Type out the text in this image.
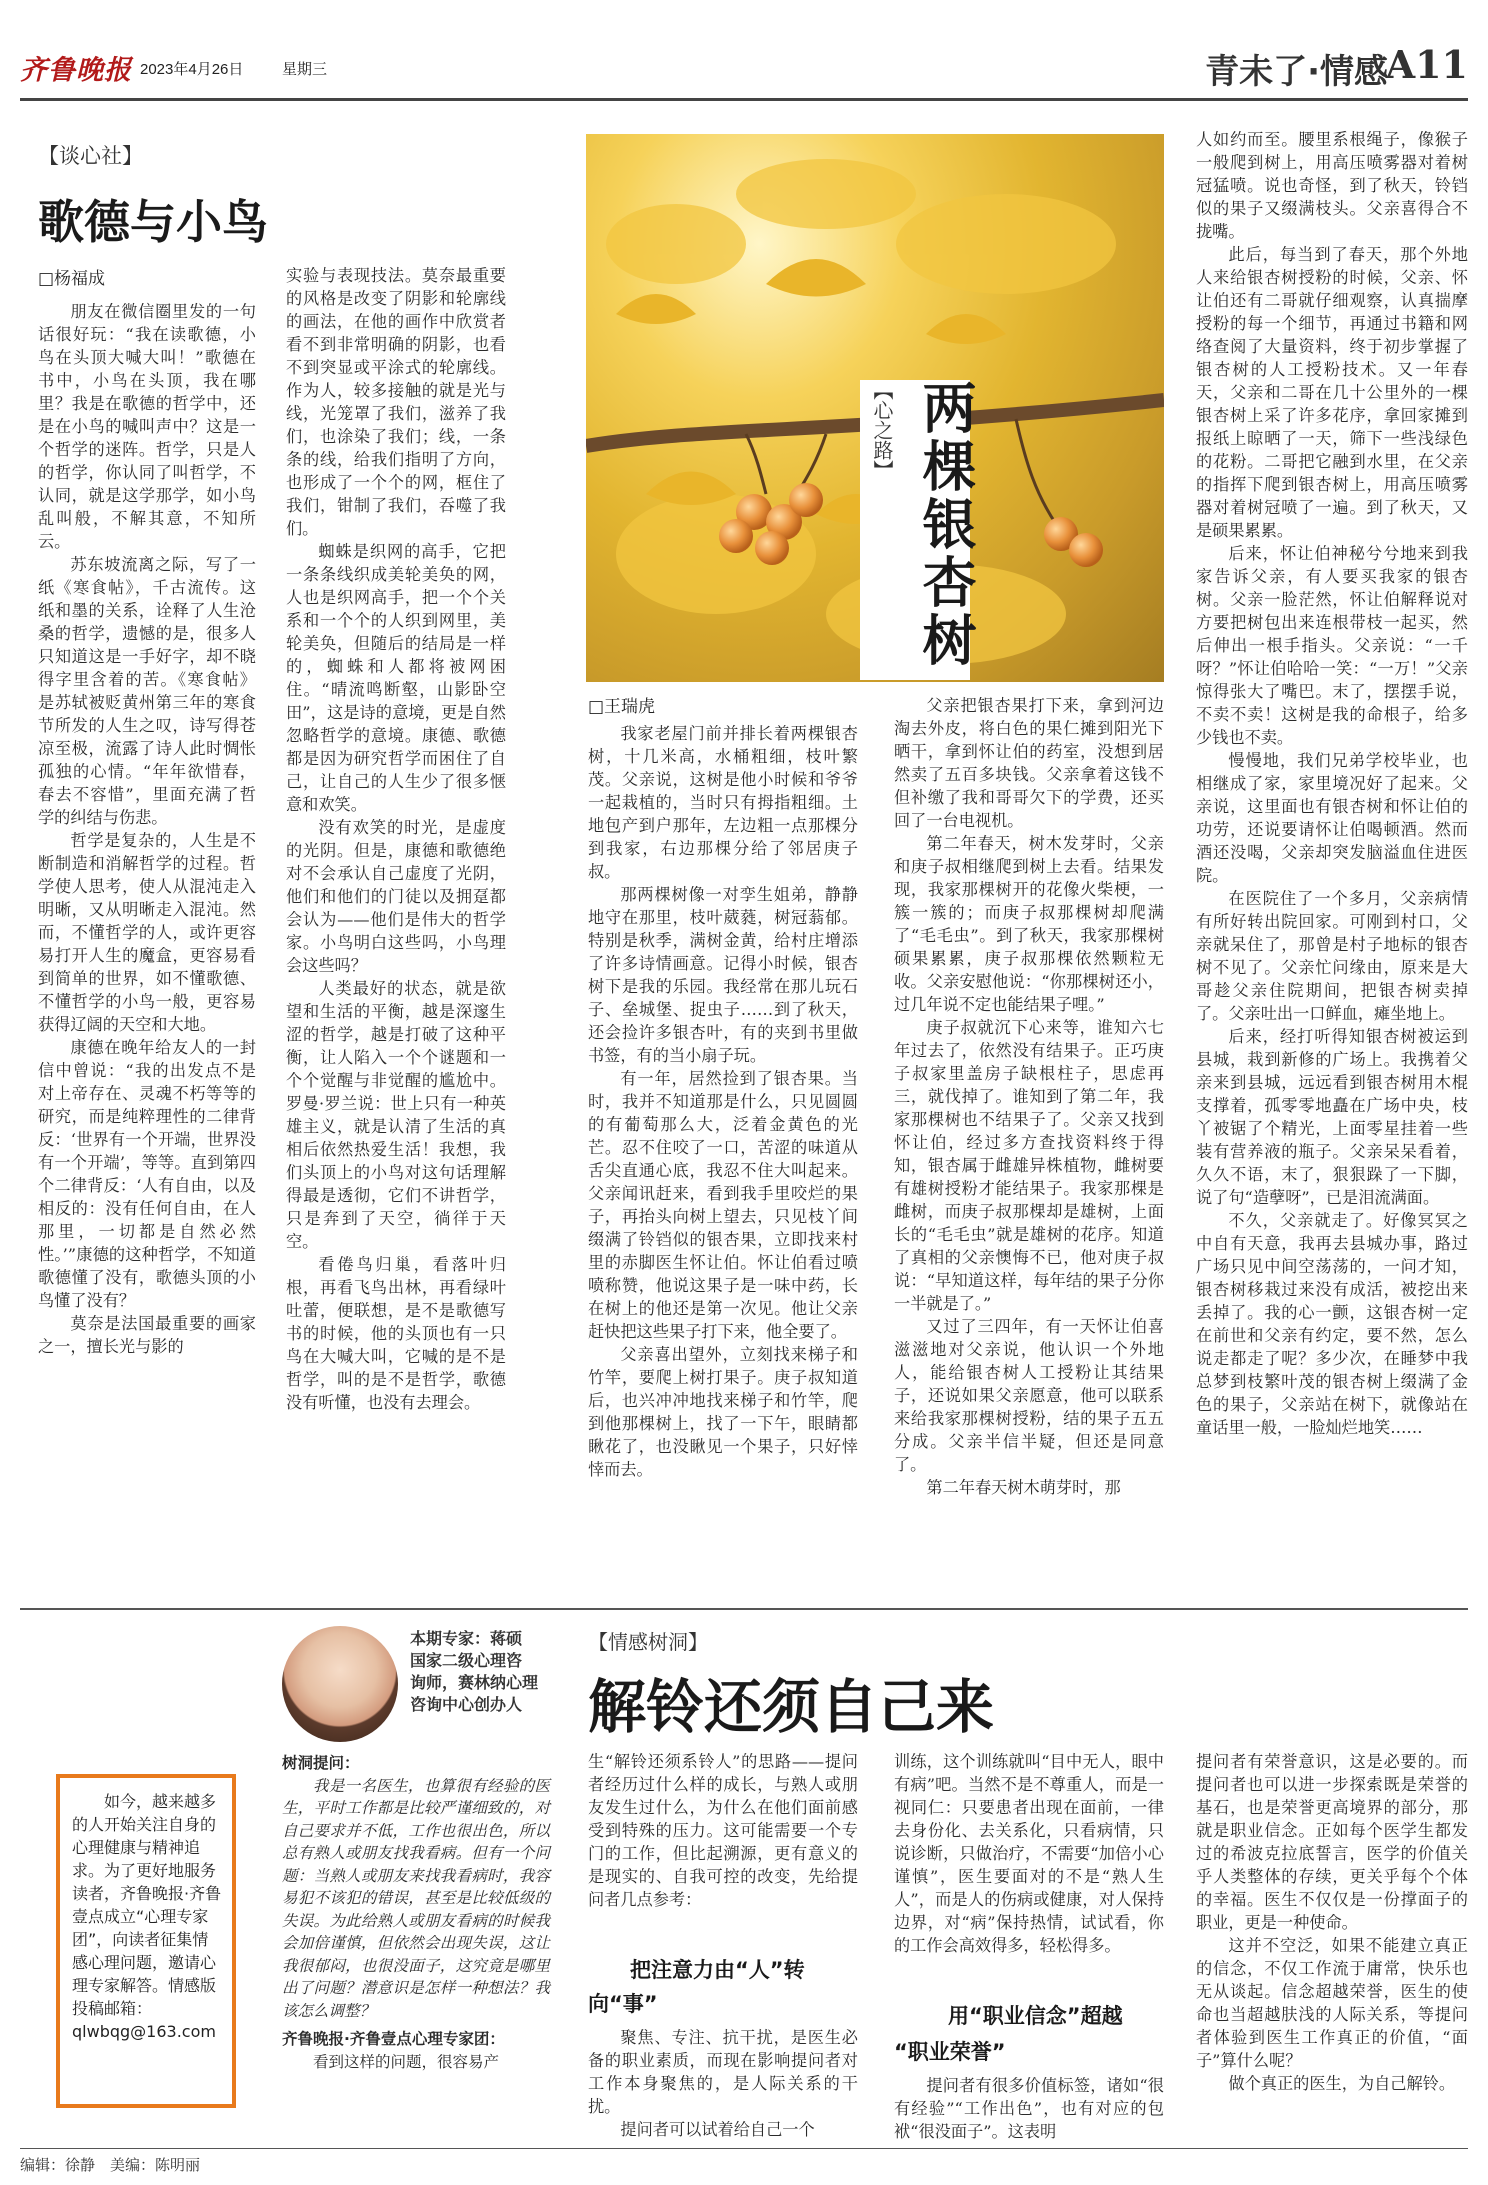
齐鲁晚报 2023年4月26日	星期三	青未了·情感
A11
【谈心社】
歌德与小鸟
□杨福成

朋友在微信圈里发的一句话很好玩：“我在读歌德，小鸟在头顶大喊大叫！”歌德在书中，小鸟在头顶，我在哪里？我是在歌德的哲学中，还是在小鸟的喊叫声中？这是一个哲学的迷阵。哲学，只是人的哲学，你认同了叫哲学，不认同，就是这学那学，如小鸟乱叫般，不解其意，不知所云。

苏东坡流离之际，写了一纸《寒食帖》，千古流传。这纸和墨的关系，诠释了人生沧桑的哲学，遗憾的是，很多人只知道这是一手好字，却不晓得字里含着的苦。《寒食帖》是苏轼被贬黄州第三年的寒食节所发的人生之叹，诗写得苍凉至极，流露了诗人此时惆怅孤独的心情。“年年欲惜春，春去不容惜”，里面充满了哲学的纠结与伤悲。

哲学是复杂的，人生是不断制造和消解哲学的过程。哲学使人思考，使人从混沌走入明晰，又从明晰走入混沌。然而，不懂哲学的人，或许更容易打开人生的魔盒，更容易看到简单的世界，如不懂歌德、不懂哲学的小鸟一般，更容易获得辽阔的天空和大地。

康德在晚年给友人的一封信中曾说：“我的出发点不是对上帝存在、灵魂不朽等等的研究，而是纯粹理性的二律背反：‘世界有一个开端，世界没有一个开端’，等等。直到第四个二律背反：‘人有自由，以及相反的：没有任何自由，在人那里，一切都是自然必然性。’”康德的这种哲学，不知道歌德懂了没有，歌德头顶的小鸟懂了没有？

莫奈是法国最重要的画家之一，擅长光与影的

实验与表现技法。莫奈最重要的风格是改变了阴影和轮廓线的画法，在他的画作中欣赏者看不到非常明确的阴影，也看不到突显或平涂式的轮廓线。作为人，较多接触的就是光与线，光笼罩了我们，滋养了我们，也涂染了我们；线，一条条的线，给我们指明了方向，也形成了一个个的网，框住了我们，钳制了我们，吞噬了我们。

蜘蛛是织网的高手，它把一条条线织成美轮美奂的网，人也是织网高手，把一个个关系和一个个的人织到网里，美轮美奂，但随后的结局是一样的，蜘蛛和人都将被网困住。“晴流鸣断壑，山影卧空田”，这是诗的意境，更是自然忽略哲学的意境。康德、歌德都是因为研究哲学而困住了自己，让自己的人生少了很多惬意和欢笑。

没有欢笑的时光，是虚度的光阴。但是，康德和歌德绝对不会承认自己虚度了光阴，他们和他们的门徒以及拥趸都会认为——他们是伟大的哲学家。小鸟明白这些吗，小鸟理会这些吗？

人类最好的状态，就是欲望和生活的平衡，越是深邃生涩的哲学，越是打破了这种平衡，让人陷入一个个谜题和一个个觉醒与非觉醒的尴尬中。罗曼·罗兰说：世上只有一种英雄主义，就是认清了生活的真相后依然热爱生活！我想，我们头顶上的小鸟对这句话理解得最是透彻，它们不讲哲学，只是奔到了天空，徜徉于天空。

看倦鸟归巢，看落叶归根，再看飞鸟出林，再看绿叶吐蕾，便联想，是不是歌德写书的时候，他的头顶也有一只鸟在大喊大叫，它喊的是不是哲学，叫的是不是哲学，歌德没有听懂，也没有去理会。

两棵银杏树
【心之路】
□王瑞虎

我家老屋门前并排长着两棵银杏树，十几米高，水桶粗细，枝叶繁茂。父亲说，这树是他小时候和爷爷一起栽植的，当时只有拇指粗细。土地包产到户那年，左边粗一点那棵分到我家，右边那棵分给了邻居庚子叔。

那两棵树像一对孪生姐弟，静静地守在那里，枝叶葳蕤，树冠蓊郁。特别是秋季，满树金黄，给村庄增添了许多诗情画意。记得小时候，银杏树下是我的乐园。我经常在那儿玩石子、垒城堡、捉虫子……到了秋天，还会捡许多银杏叶，有的夹到书里做书签，有的当小扇子玩。

有一年，居然捡到了银杏果。当时，我并不知道那是什么，只见圆圆的有葡萄那么大，泛着金黄色的光芒。忍不住咬了一口，苦涩的味道从舌尖直通心底，我忍不住大叫起来。父亲闻讯赶来，看到我手里咬烂的果子，再抬头向树上望去，只见枝丫间缀满了铃铛似的银杏果，立即找来村里的赤脚医生怀让伯。怀让伯看过喷喷称赞，他说这果子是一味中药，长在树上的他还是第一次见。他让父亲赶快把这些果子打下来，他全要了。

父亲喜出望外，立刻找来梯子和竹竿，要爬上树打果子。庚子叔知道后，也兴冲冲地找来梯子和竹竿，爬到他那棵树上，找了一下午，眼睛都瞅花了，也没瞅见一个果子，只好悻悻而去。

父亲把银杏果打下来，拿到河边淘去外皮，将白色的果仁摊到阳光下晒干，拿到怀让伯的药室，没想到居然卖了五百多块钱。父亲拿着这钱不但补缴了我和哥哥欠下的学费，还买回了一台电视机。

第二年春天，树木发芽时，父亲和庚子叔相继爬到树上去看。结果发现，我家那棵树开的花像火柴梗，一簇一簇的；而庚子叔那棵树却爬满了“毛毛虫”。到了秋天，我家那棵树硕果累累，庚子叔那棵依然颗粒无收。父亲安慰他说：“你那棵树还小，过几年说不定也能结果子哩。”

庚子叔就沉下心来等，谁知六七年过去了，依然没有结果子。正巧庚子叔家里盖房子缺根柱子，思虑再三，就伐掉了。谁知到了第二年，我家那棵树也不结果子了。父亲又找到怀让伯，经过多方查找资料终于得知，银杏属于雌雄异株植物，雌树要有雄树授粉才能结果子。我家那棵是雌树，而庚子叔那棵却是雄树，上面长的“毛毛虫”就是雄树的花序。知道了真相的父亲懊悔不已，他对庚子叔说：“早知道这样，每年结的果子分你一半就是了。”

又过了三四年，有一天怀让伯喜滋滋地对父亲说，他认识一个外地人，能给银杏树人工授粉让其结果子，还说如果父亲愿意，他可以联系来给我家那棵树授粉，结的果子五五分成。父亲半信半疑，但还是同意了。

第二年春天树木萌芽时，那

人如约而至。腰里系根绳子，像猴子一般爬到树上，用高压喷雾器对着树冠猛喷。说也奇怪，到了秋天，铃铛似的果子又缀满枝头。父亲喜得合不拢嘴。

此后，每当到了春天，那个外地人来给银杏树授粉的时候，父亲、怀让伯还有二哥就仔细观察，认真揣摩授粉的每一个细节，再通过书籍和网络查阅了大量资料，终于初步掌握了银杏树的人工授粉技术。又一年春天，父亲和二哥在几十公里外的一棵银杏树上采了许多花序，拿回家摊到报纸上晾晒了一天，筛下一些浅绿色的花粉。二哥把它融到水里，在父亲的指挥下爬到银杏树上，用高压喷雾器对着树冠喷了一遍。到了秋天，又是硕果累累。

后来，怀让伯神秘兮兮地来到我家告诉父亲，有人要买我家的银杏树。父亲一脸茫然，怀让伯解释说对方要把树包出来连根带枝一起买，然后伸出一根手指头。父亲说：“一千呀？”怀让伯哈哈一笑：“一万！”父亲惊得张大了嘴巴。末了，摆摆手说，不卖不卖！这树是我的命根子，给多少钱也不卖。

慢慢地，我们兄弟学校毕业，也相继成了家，家里境况好了起来。父亲说，这里面也有银杏树和怀让伯的功劳，还说要请怀让伯喝顿酒。然而酒还没喝，父亲却突发脑溢血住进医院。

在医院住了一个多月，父亲病情有所好转出院回家。可刚到村口，父亲就呆住了，那曾是村子地标的银杏树不见了。父亲忙问缘由，原来是大哥趁父亲住院期间，把银杏树卖掉了。父亲吐出一口鲜血，瘫坐地上。

后来，经打听得知银杏树被运到县城，栽到新修的广场上。我携着父亲来到县城，远远看到银杏树用木棍支撑着，孤零零地矗在广场中央，枝丫被锯了个精光，上面零星挂着一些装有营养液的瓶子。父亲呆呆看着，久久不语，末了，狠狠跺了一下脚，说了句“造孽呀”，已是泪流满面。

不久，父亲就走了。好像冥冥之中自有天意，我再去县城办事，路过广场只见中间空荡荡的，一问才知，银杏树移栽过来没有成活，被挖出来丢掉了。我的心一颤，这银杏树一定在前世和父亲有约定，要不然，怎么说走都走了呢？多少次，在睡梦中我总梦到枝繁叶茂的银杏树上缀满了金色的果子，父亲站在树下，就像站在童话里一般，一脸灿烂地笑……

本期专家：蒋硕
国家二级心理咨
询师，赛林纳心理
咨询中心创办人
【情感树洞】
解铃还须自己来
如今，越来越多的人开始关注自身的心理健康与精神追求。为了更好地服务读者，齐鲁晚报·齐鲁壹点成立“心理专家团”，向读者征集情感心理问题，邀请心理专家解答。情感版投稿邮箱：qlwbqg@163.com
树洞提问：

我是一名医生，也算很有经验的医生，平时工作都是比较严谨细致的，对自己要求并不低，工作也很出色，所以总有熟人或朋友找我看病。但有一个问题：当熟人或朋友来找我看病时，我容易犯不该犯的错误，甚至是比较低级的失误。为此给熟人或朋友看病的时候我会加倍谨慎，但依然会出现失误，这让我很郁闷，也很没面子，这究竟是哪里出了问题？潜意识是怎样一种想法？我该怎么调整？

齐鲁晚报·齐鲁壹点心理专家团：

看到这样的问题，很容易产

生“解铃还须系铃人”的思路——提问者经历过什么样的成长，与熟人或朋友发生过什么，为什么在他们面前感受到特殊的压力。这可能需要一个专门的工作，但比起溯源，更有意义的是现实的、自我可控的改变，先给提问者几点参考：

把注意力由“人”转
向“事”

聚焦、专注、抗干扰，是医生必备的职业素质，而现在影响提问者对工作本身聚焦的，是人际关系的干扰。

提问者可以试着给自己一个

训练，这个训练就叫“目中无人，眼中有病”吧。当然不是不尊重人，而是一视同仁：只要患者出现在面前，一律去身份化、去关系化，只看病情，只说诊断，只做治疗，不需要“加倍小心谨慎”，医生要面对的不是“熟人生人”，而是人的伤病或健康，对人保持边界，对“病”保持热情，试试看，你的工作会高效得多，轻松得多。

用“职业信念”超越
“职业荣誉”

提问者有很多价值标签，诸如“很有经验”“工作出色”，也有对应的包袱“很没面子”。这表明

提问者有荣誉意识，这是必要的。而提问者也可以进一步探索既是荣誉的基石，也是荣誉更高境界的部分，那就是职业信念。正如每个医学生都发过的希波克拉底誓言，医学的价值关乎人类整体的存续，更关乎每个个体的幸福。医生不仅仅是一份撑面子的职业，更是一种使命。

这并不空泛，如果不能建立真正的信念，不仅工作流于庸常，快乐也无从谈起。信念超越荣誉，医生的使命也当超越肤浅的人际关系，等提问者体验到医生工作真正的价值，“面子”算什么呢？

做个真正的医生，为自己解铃。

编辑：徐静　美编：陈明丽
